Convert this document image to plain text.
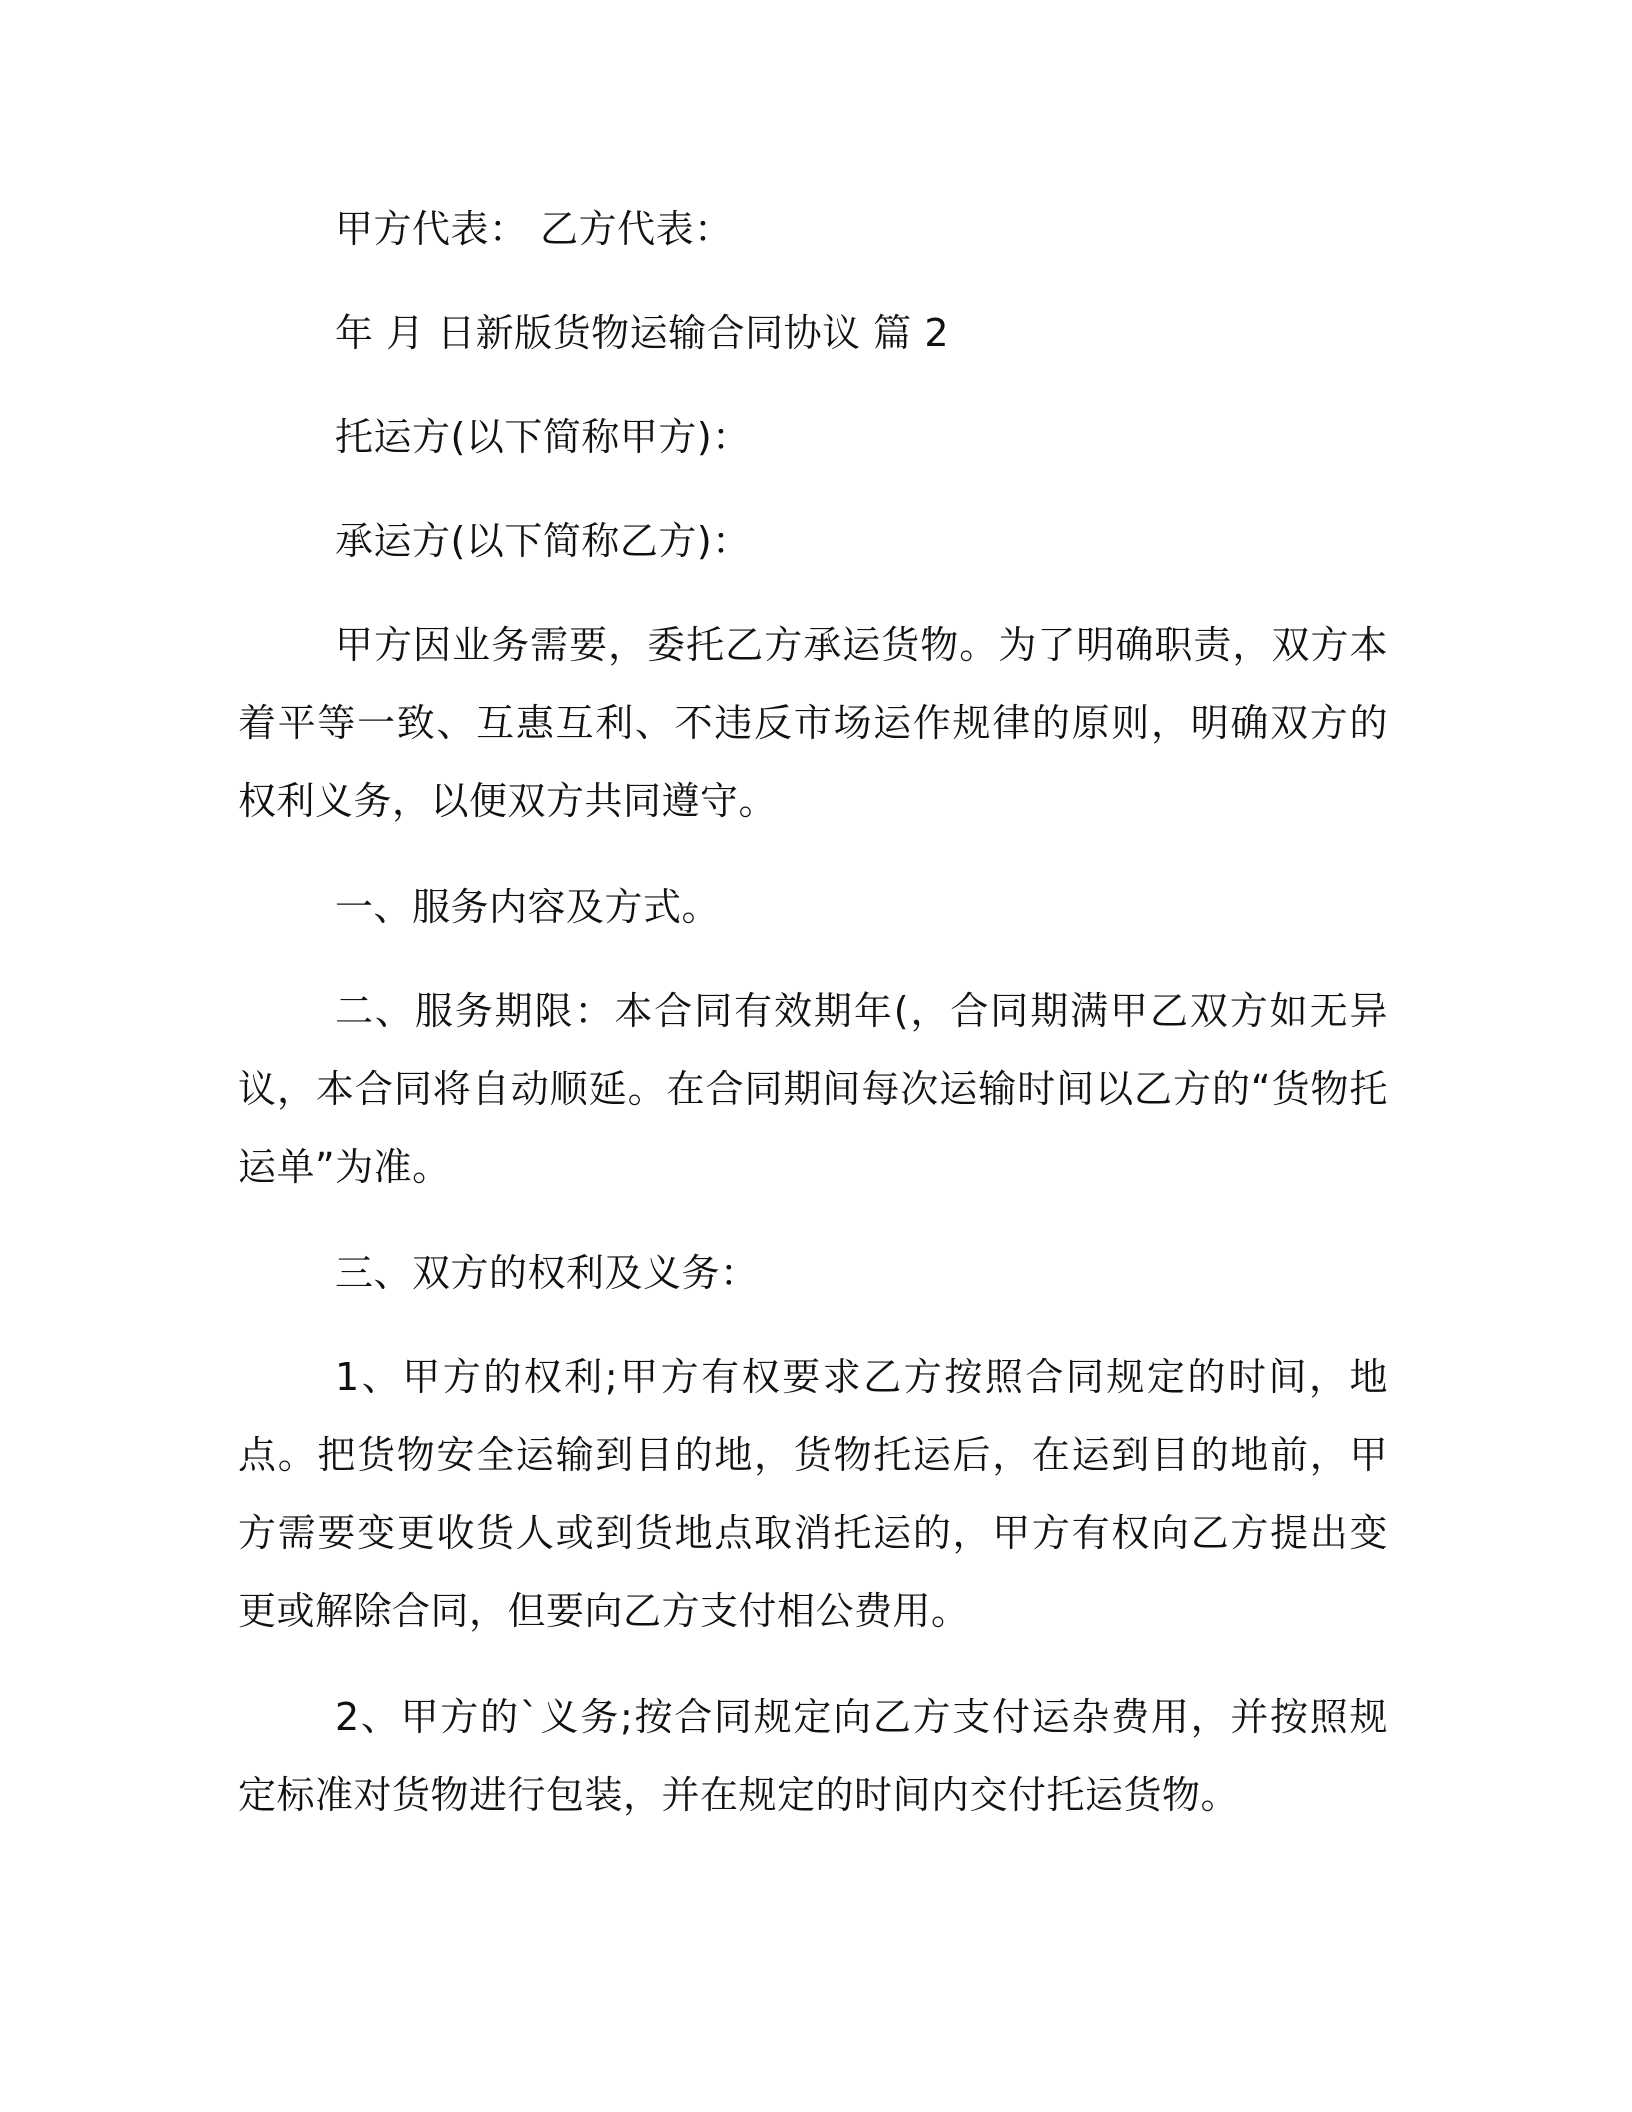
甲方代表： 乙方代表：

年 月 日新版货物运输合同协议 篇 2

托运方(以下简称甲方)：

承运方(以下简称乙方)：

甲方因业务需要，委托乙方承运货物。为了明确职责，双方本着平等一致、互惠互利、不违反市场运作规律的原则，明确双方的权利义务，以便双方共同遵守。

一、服务内容及方式。

二、服务期限：本合同有效期年(，合同期满甲乙双方如无异议，本合同将自动顺延。在合同期间每次运输时间以乙方的“货物托运单”为准。

三、双方的权利及义务：

1、甲方的权利;甲方有权要求乙方按照合同规定的时间，地点。把货物安全运输到目的地，货物托运后，在运到目的地前，甲方需要变更收货人或到货地点取消托运的，甲方有权向乙方提出变更或解除合同，但要向乙方支付相公费用。

2、甲方的`义务;按合同规定向乙方支付运杂费用，并按照规定标准对货物进行包装，并在规定的时间内交付托运货物。
